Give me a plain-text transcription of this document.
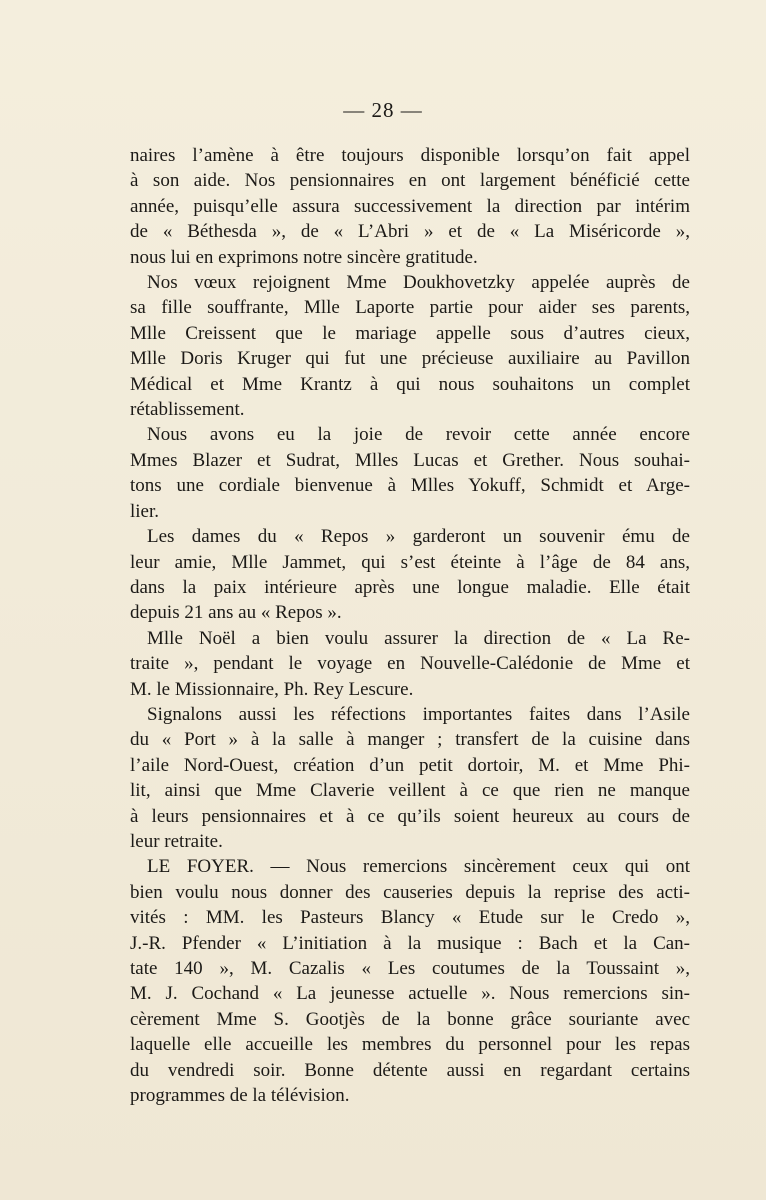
— 28 —
naires l’amène à être toujours disponible lorsqu’on fait appel
à son aide. Nos pensionnaires en ont largement bénéficié cette
année, puisqu’elle assura successivement la direction par intérim
de « Béthesda », de « L’Abri » et de « La Miséricorde »,
nous lui en exprimons notre sincère gratitude.
Nos vœux rejoignent Mme Doukhovetzky appelée auprès de
sa fille souffrante, Mlle Laporte partie pour aider ses parents,
Mlle Creissent que le mariage appelle sous d’autres cieux,
Mlle Doris Kruger qui fut une précieuse auxiliaire au Pavillon
Médical et Mme Krantz à qui nous souhaitons un complet
rétablissement.
Nous avons eu la joie de revoir cette année encore
Mmes Blazer et Sudrat, Mlles Lucas et Grether. Nous souhai-
tons une cordiale bienvenue à Mlles Yokuff, Schmidt et Arge-
lier.
Les dames du « Repos » garderont un souvenir ému de
leur amie, Mlle Jammet, qui s’est éteinte à l’âge de 84 ans,
dans la paix intérieure après une longue maladie. Elle était
depuis 21 ans au « Repos ».
Mlle Noël a bien voulu assurer la direction de « La Re-
traite », pendant le voyage en Nouvelle-Calédonie de Mme et
M. le Missionnaire, Ph. Rey Lescure.
Signalons aussi les réfections importantes faites dans l’Asile
du « Port » à la salle à manger ; transfert de la cuisine dans
l’aile Nord-Ouest, création d’un petit dortoir, M. et Mme Phi-
lit, ainsi que Mme Claverie veillent à ce que rien ne manque
à leurs pensionnaires et à ce qu’ils soient heureux au cours de
leur retraite.
LE FOYER. — Nous remercions sincèrement ceux qui ont
bien voulu nous donner des causeries depuis la reprise des acti-
vités : MM. les Pasteurs Blancy « Etude sur le Credo »,
J.-R. Pfender « L’initiation à la musique : Bach et la Can-
tate 140 », M. Cazalis « Les coutumes de la Toussaint »,
M. J. Cochand « La jeunesse actuelle ». Nous remercions sin-
cèrement Mme S. Gootjès de la bonne grâce souriante avec
laquelle elle accueille les membres du personnel pour les repas
du vendredi soir. Bonne détente aussi en regardant certains
programmes de la télévision.
